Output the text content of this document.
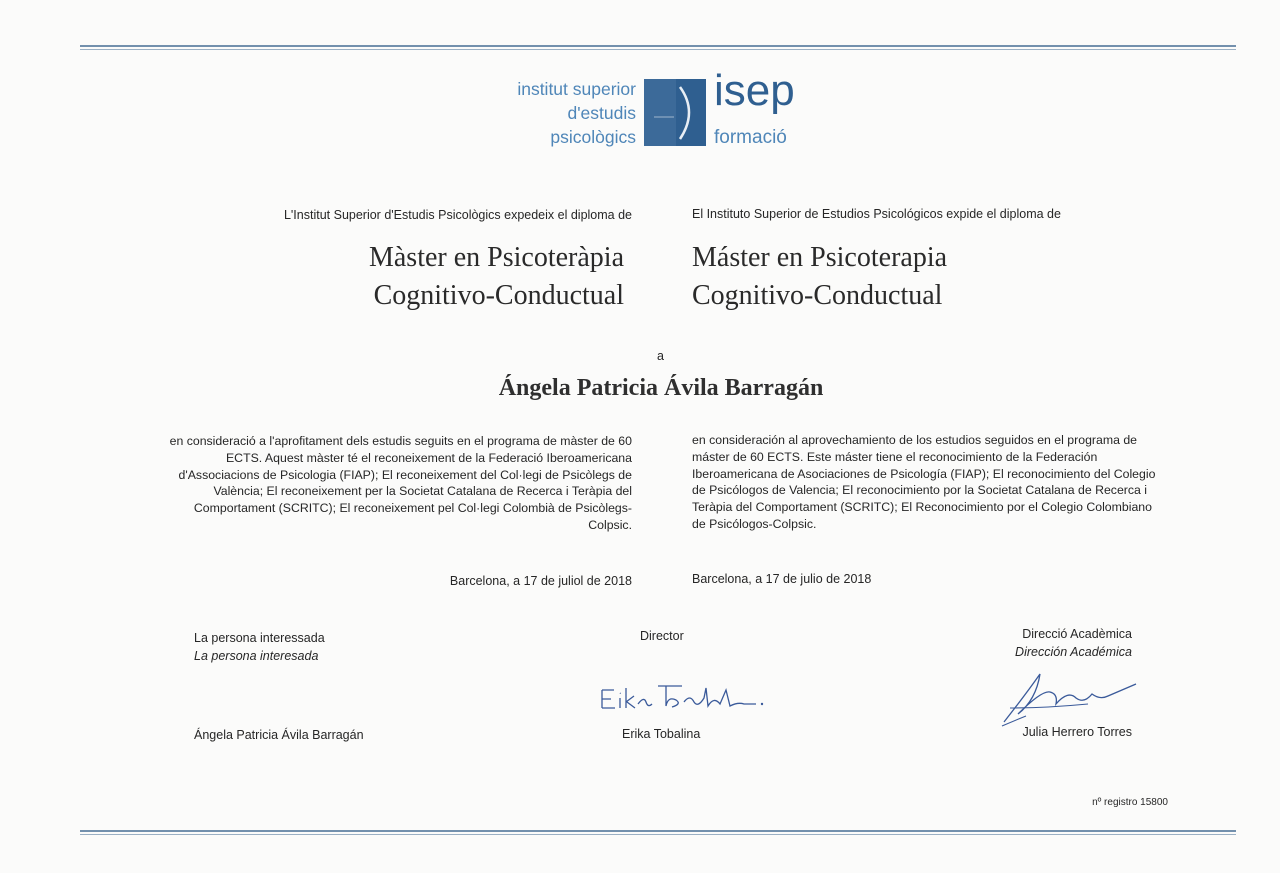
institut superior
d'estudis
psicològics
isep
formació
L'Institut Superior d'Estudis Psicològics expedeix el diploma de	El Instituto Superior de Estudios Psicológicos expide el diploma de
Màster en Psicoteràpia
Cognitivo-Conductual
Máster en Psicoterapia
Cognitivo-Conductual
a
Ángela Patricia Ávila Barragán
en consideració a l'aprofitament dels estudis seguits en el programa de màster de 60 ECTS. Aquest màster té el reconeixement de la Federació Iberoamericana d'Associacions de Psicologia (FIAP); El reconeixement del Col·legi de Psicòlegs de València; El reconeixement per la Societat Catalana de Recerca i Teràpia del Comportament (SCRITC); El reconeixement pel Col·legi Colombià de Psicòlegs-Colpsic.
en consideración al aprovechamiento de los estudios seguidos en el programa de máster de 60 ECTS. Este máster tiene el reconocimiento de la Federación Iberoamericana de Asociaciones de Psicología (FIAP); El reconocimiento del Colegio de Psicólogos de Valencia; El reconocimiento por la Societat Catalana de Recerca i Teràpia del Comportament (SCRITC); El Reconocimiento por el Colegio Colombiano de Psicólogos-Colpsic.
Barcelona, a 17 de juliol de 2018	Barcelona, a 17 de julio de 2018
La persona interessada
La persona interesada
Ángela Patricia Ávila Barragán
Director
Erika Tobalina
Direcció Acadèmica
Dirección Académica
Julia Herrero Torres
nº registro 15800
